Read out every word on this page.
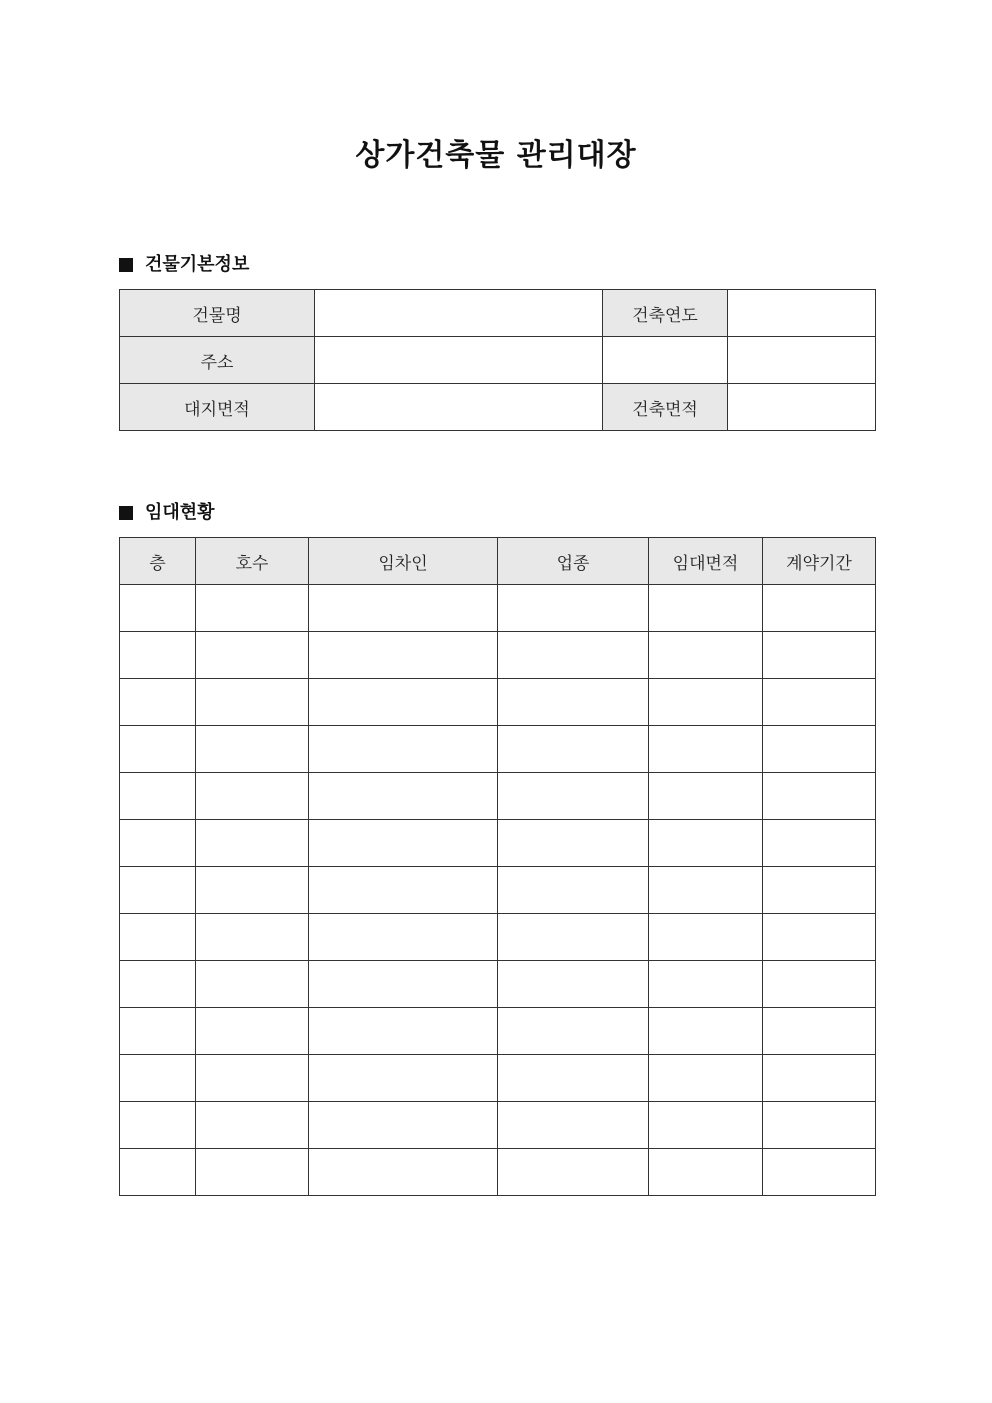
상가건축물 관리대장
건물기본정보
건물명		건축연도	
주소			
대지면적		건축면적	
임대현황
층	호수	임차인	업종	임대면적	계약기간
